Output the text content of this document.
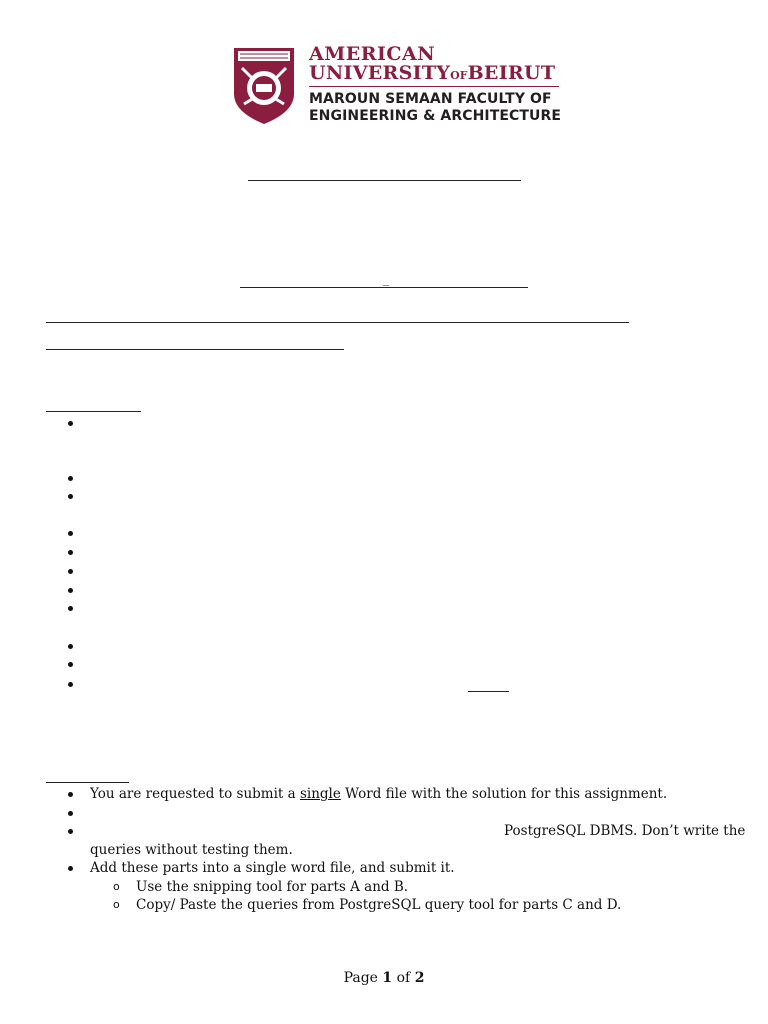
AMERICAN
UNIVERSITYOFBEIRUT
MAROUN SEMAAN FACULTY OF
ENGINEERING & ARCHITECTURE
_
You are requested to submit a single Word file with the solution for this assignment.
PostgreSQL DBMS. Don’t write the
queries without testing them.
Add these parts into a single word file, and submit it.
o Use the snipping tool for parts A and B.
o Copy/ Paste the queries from PostgreSQL query tool for parts C and D.
Page 1 of 2
